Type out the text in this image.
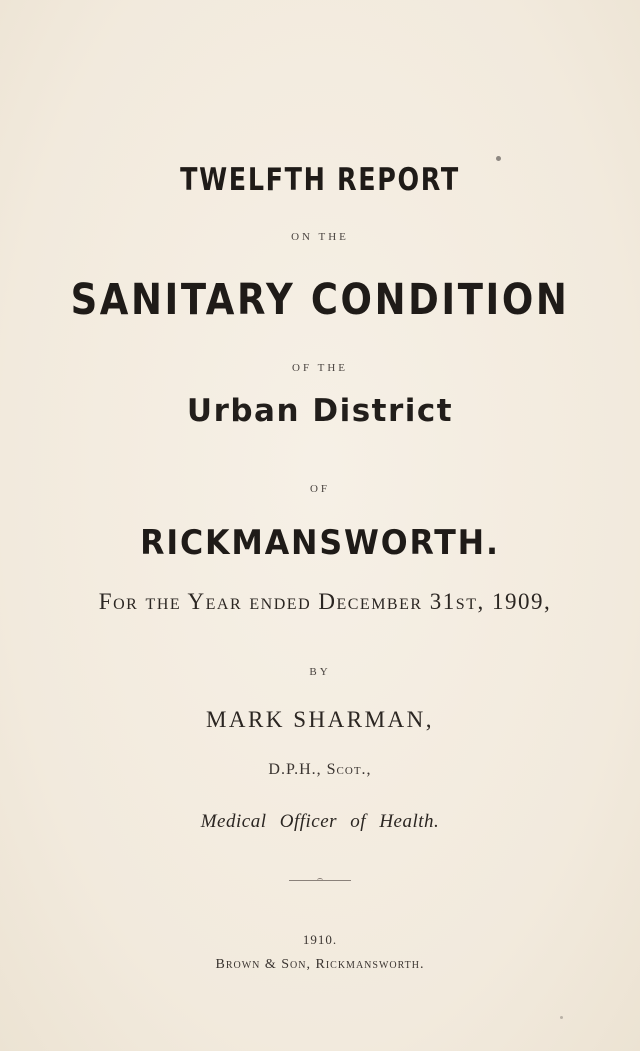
TWELFTH REPORT
ON THE
SANITARY CONDITION
OF THE
Urban District
OF
RICKMANSWORTH.
For the Year ended December 31st, 1909,
BY
MARK SHARMAN,
D.P.H., Scot.,
Medical Officer of Health.
1910.
Brown & Son, Rickmansworth.
